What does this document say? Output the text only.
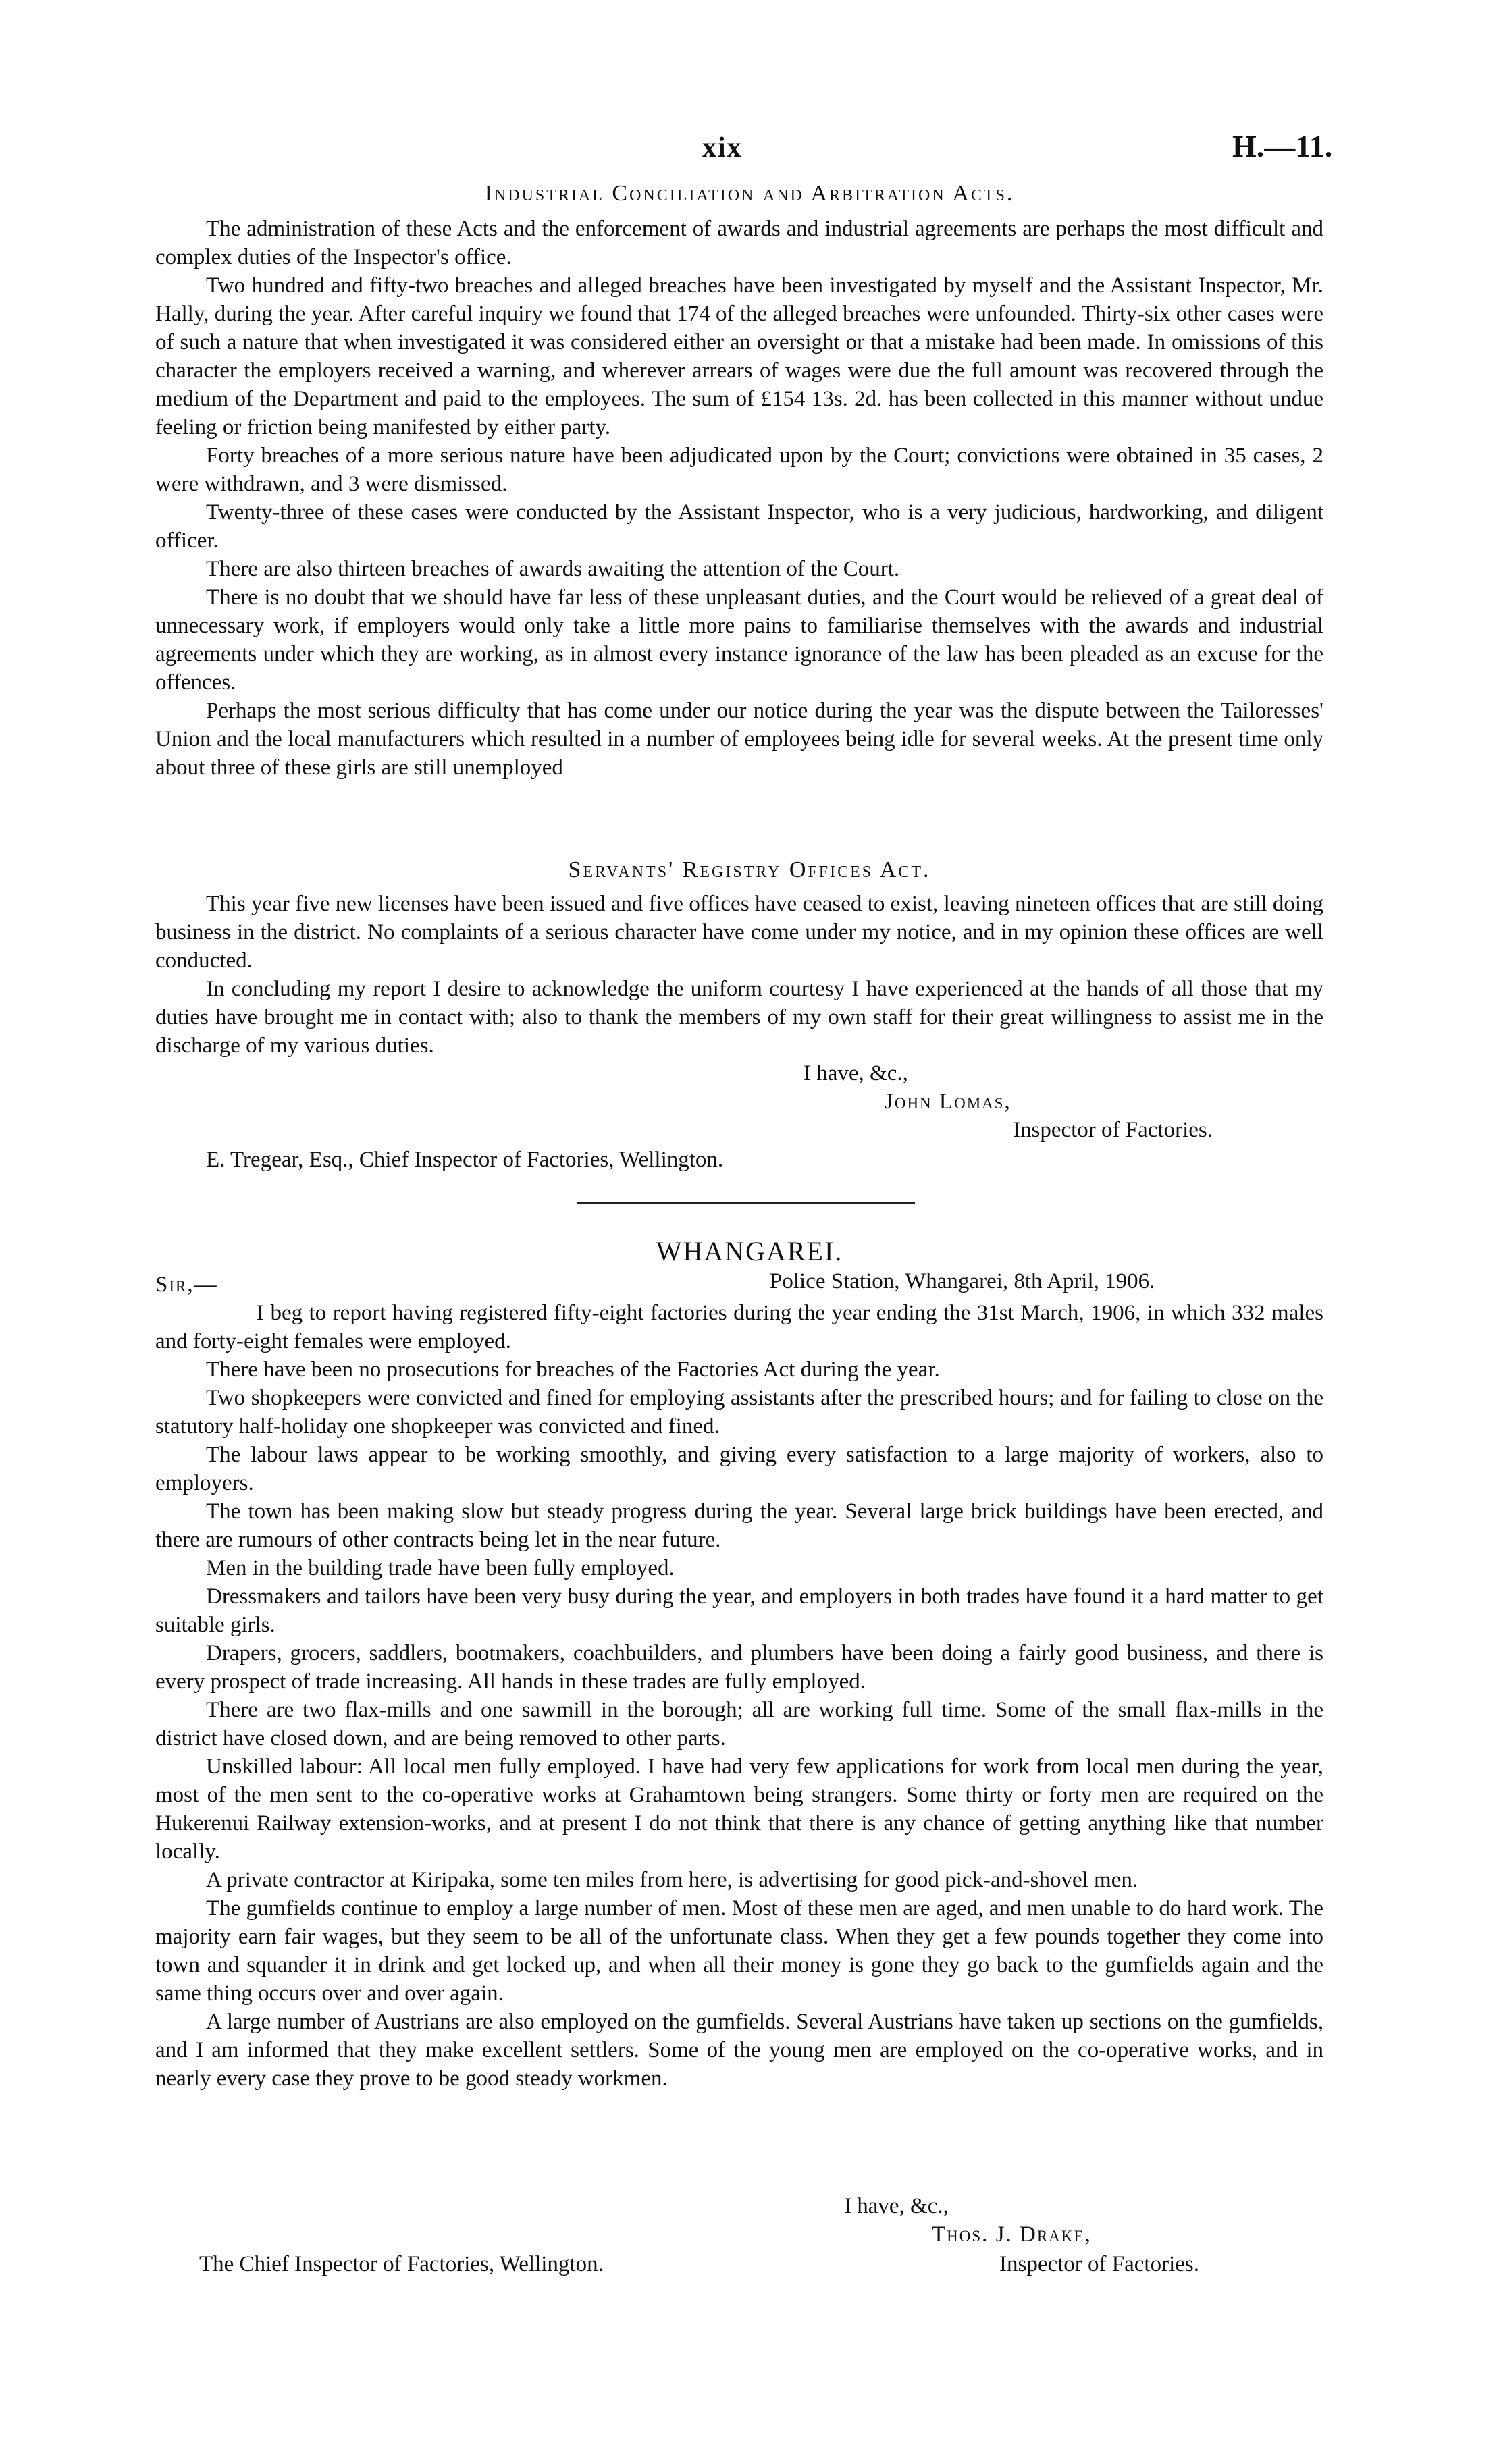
xix	H.—11.
Industrial Conciliation and Arbitration Acts.

The administration of these Acts and the enforcement of awards and industrial agreements are perhaps the most difficult and complex duties of the Inspector's office.

Two hundred and fifty-two breaches and alleged breaches have been investigated by myself and the Assistant Inspector, Mr. Hally, during the year. After careful inquiry we found that 174 of the alleged breaches were unfounded. Thirty-six other cases were of such a nature that when investigated it was considered either an oversight or that a mistake had been made. In omissions of this character the employers received a warning, and wherever arrears of wages were due the full amount was recovered through the medium of the Department and paid to the employees. The sum of £154 13s. 2d. has been collected in this manner without undue feeling or friction being manifested by either party.

Forty breaches of a more serious nature have been adjudicated upon by the Court; convictions were obtained in 35 cases, 2 were withdrawn, and 3 were dismissed.

Twenty-three of these cases were conducted by the Assistant Inspector, who is a very judicious, hardworking, and diligent officer.

There are also thirteen breaches of awards awaiting the attention of the Court.

There is no doubt that we should have far less of these unpleasant duties, and the Court would be relieved of a great deal of unnecessary work, if employers would only take a little more pains to familiarise themselves with the awards and industrial agreements under which they are working, as in almost every instance ignorance of the law has been pleaded as an excuse for the offences.

Perhaps the most serious difficulty that has come under our notice during the year was the dispute between the Tailoresses' Union and the local manufacturers which resulted in a number of employees being idle for several weeks. At the present time only about three of these girls are still unemployed

Servants' Registry Offices Act.

This year five new licenses have been issued and five offices have ceased to exist, leaving nineteen offices that are still doing business in the district. No complaints of a serious character have come under my notice, and in my opinion these offices are well conducted.

In concluding my report I desire to acknowledge the uniform courtesy I have experienced at the hands of all those that my duties have brought me in contact with; also to thank the members of my own staff for their great willingness to assist me in the discharge of my various duties.

I have, &c.,
John Lomas,
Inspector of Factories.
E. Tregear, Esq., Chief Inspector of Factories, Wellington.
WHANGAREI.
Sir,—	Police Station, Whangarei, 8th April, 1906.

I beg to report having registered fifty-eight factories during the year ending the 31st March, 1906, in which 332 males and forty-eight females were employed.

There have been no prosecutions for breaches of the Factories Act during the year.

Two shopkeepers were convicted and fined for employing assistants after the prescribed hours; and for failing to close on the statutory half-holiday one shopkeeper was convicted and fined.

The labour laws appear to be working smoothly, and giving every satisfaction to a large majority of workers, also to employers.

The town has been making slow but steady progress during the year. Several large brick buildings have been erected, and there are rumours of other contracts being let in the near future.

Men in the building trade have been fully employed.

Dressmakers and tailors have been very busy during the year, and employers in both trades have found it a hard matter to get suitable girls.

Drapers, grocers, saddlers, bootmakers, coachbuilders, and plumbers have been doing a fairly good business, and there is every prospect of trade increasing. All hands in these trades are fully employed.

There are two flax-mills and one sawmill in the borough; all are working full time. Some of the small flax-mills in the district have closed down, and are being removed to other parts.

Unskilled labour: All local men fully employed. I have had very few applications for work from local men during the year, most of the men sent to the co-operative works at Grahamtown being strangers. Some thirty or forty men are required on the Hukerenui Railway extension-works, and at present I do not think that there is any chance of getting anything like that number locally.

A private contractor at Kiripaka, some ten miles from here, is advertising for good pick-and-shovel men.

The gumfields continue to employ a large number of men. Most of these men are aged, and men unable to do hard work. The majority earn fair wages, but they seem to be all of the unfortunate class. When they get a few pounds together they come into town and squander it in drink and get locked up, and when all their money is gone they go back to the gumfields again and the same thing occurs over and over again.

A large number of Austrians are also employed on the gumfields. Several Austrians have taken up sections on the gumfields, and I am informed that they make excellent settlers. Some of the young men are employed on the co-operative works, and in nearly every case they prove to be good steady workmen.

I have, &c.,
Thos. J. Drake,
Inspector of Factories.
The Chief Inspector of Factories, Wellington.
